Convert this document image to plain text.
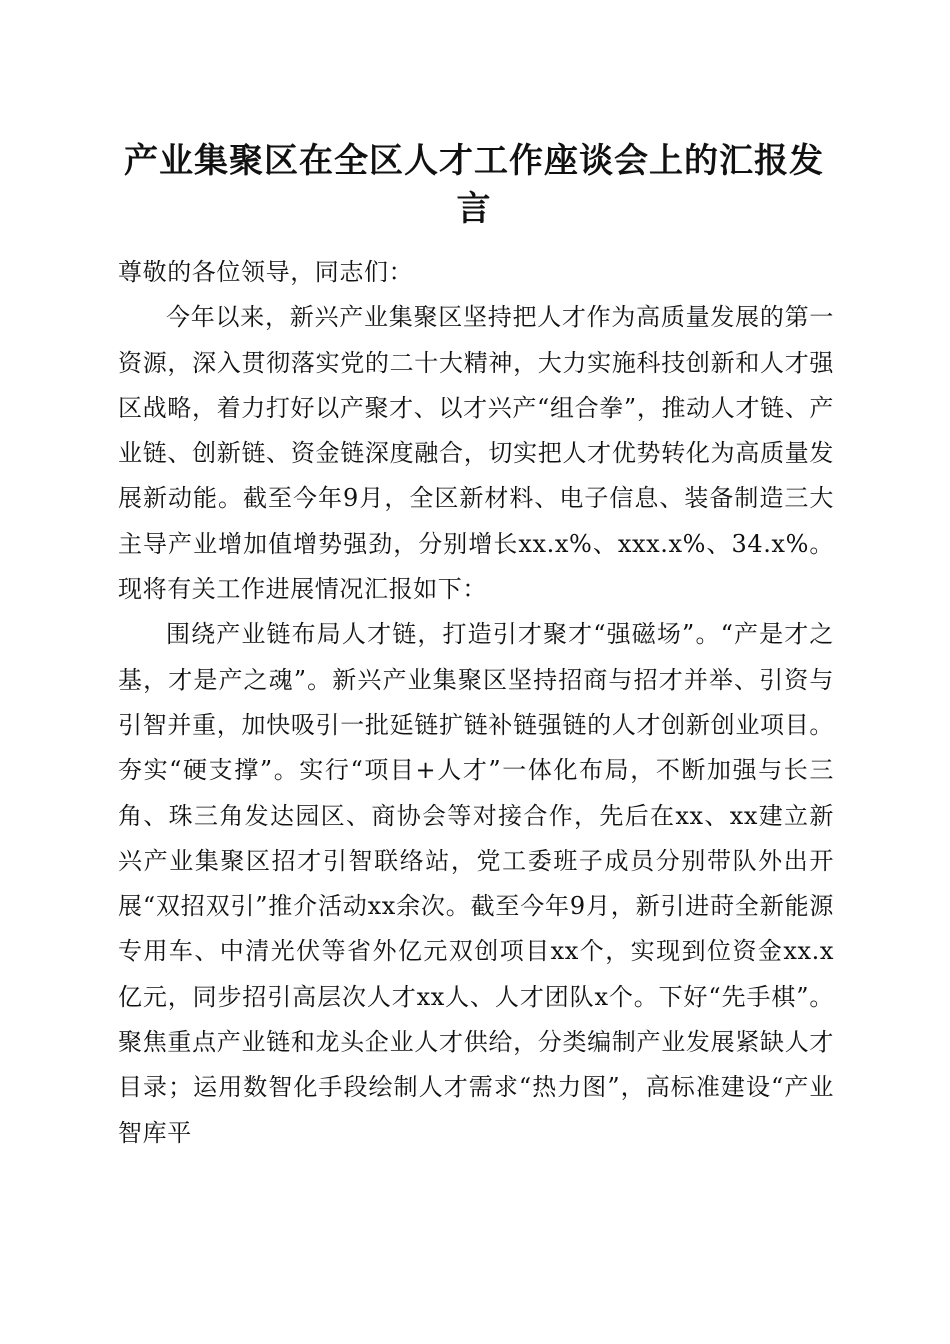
产业集聚区在全区人才工作座谈会上的汇报发言

尊敬的各位领导，同志们：

今年以来，新兴产业集聚区坚持把人才作为高质量发展的第一资源，深入贯彻落实党的二十大精神，大力实施科技创新和人才强区战略，着力打好以产聚才、以才兴产“组合拳”，推动人才链、产业链、创新链、资金链深度融合，切实把人才优势转化为高质量发展新动能。截至今年9月，全区新材料、电子信息、装备制造三大主导产业增加值增势强劲，分别增长xx.x%、xxx.x%、34.x%。现将有关工作进展情况汇报如下：

围绕产业链布局人才链，打造引才聚才“强磁场”。“产是才之基，才是产之魂”。新兴产业集聚区坚持招商与招才并举、引资与引智并重，加快吸引一批延链扩链补链强链的人才创新创业项目。夯实“硬支撑”。实行“项目+人才”一体化布局，不断加强与长三角、珠三角发达园区、商协会等对接合作，先后在xx、xx建立新兴产业集聚区招才引智联络站，党工委班子成员分别带队外出开展“双招双引”推介活动xx余次。截至今年9月，新引进莳全新能源专用车、中清光伏等省外亿元双创项目xx个，实现到位资金xx.x亿元，同步招引高层次人才xx人、人才团队x个。下好“先手棋”。聚焦重点产业链和龙头企业人才供给，分类编制产业发展紧缺人才目录；运用数智化手段绘制人才需求“热力图”，高标准建设“产业智库平
